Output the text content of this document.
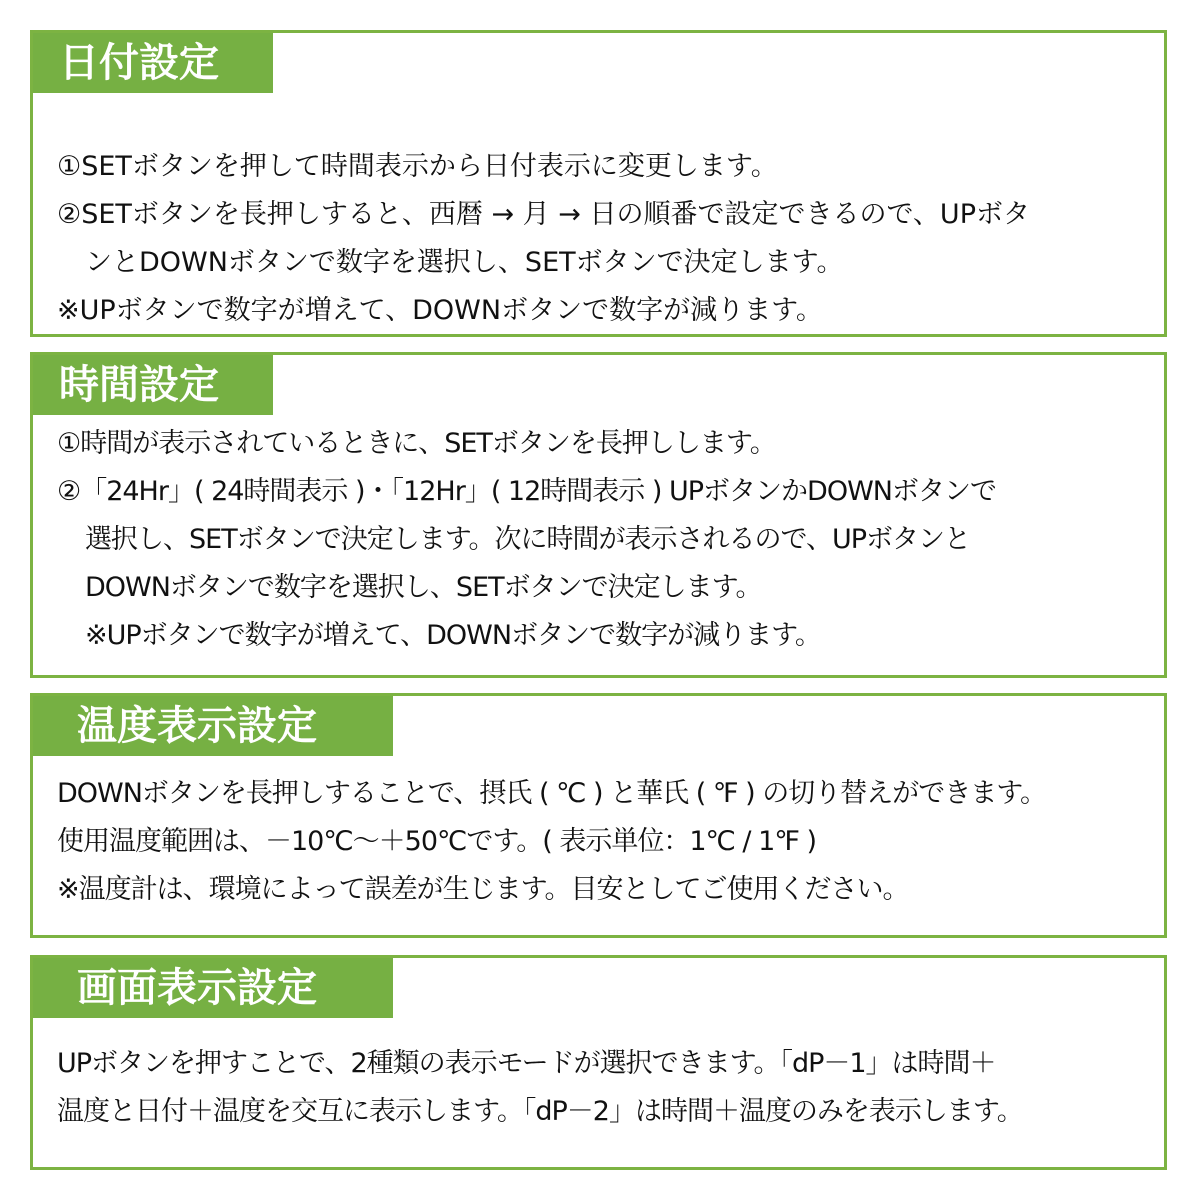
日付設定
①SETボタンを押して時間表示から日付表示に変更します。
②SETボタンを長押しすると、西暦 → 月 → 日の順番で設定できるので、UPボタ
ンとDOWNボタンで数字を選択し、SETボタンで決定します。
※UPボタンで数字が増えて、DOWNボタンで数字が減ります。
時間設定
①時間が表示されているときに、SETボタンを長押しします。
②「24Hr」( 24時間表示 )・「12Hr」( 12時間表示 ) UPボタンかDOWNボタンで
選択し、SETボタンで決定します。次に時間が表示されるので、UPボタンと
DOWNボタンで数字を選択し、SETボタンで決定します。
※UPボタンで数字が増えて、DOWNボタンで数字が減ります。
温度表示設定
DOWNボタンを長押しすることで、摂氏 ( ℃ ) と華氏 ( ℉ ) の切り替えができます。
使用温度範囲は、－10℃～＋50℃です。( 表示単位：1℃ / 1℉ )
※温度計は、環境によって誤差が生じます。目安としてご使用ください。
画面表示設定
UPボタンを押すことで、2種類の表示モードが選択できます。「dP－1」は時間＋
温度と日付＋温度を交互に表示します。「dP－2」は時間＋温度のみを表示します。
